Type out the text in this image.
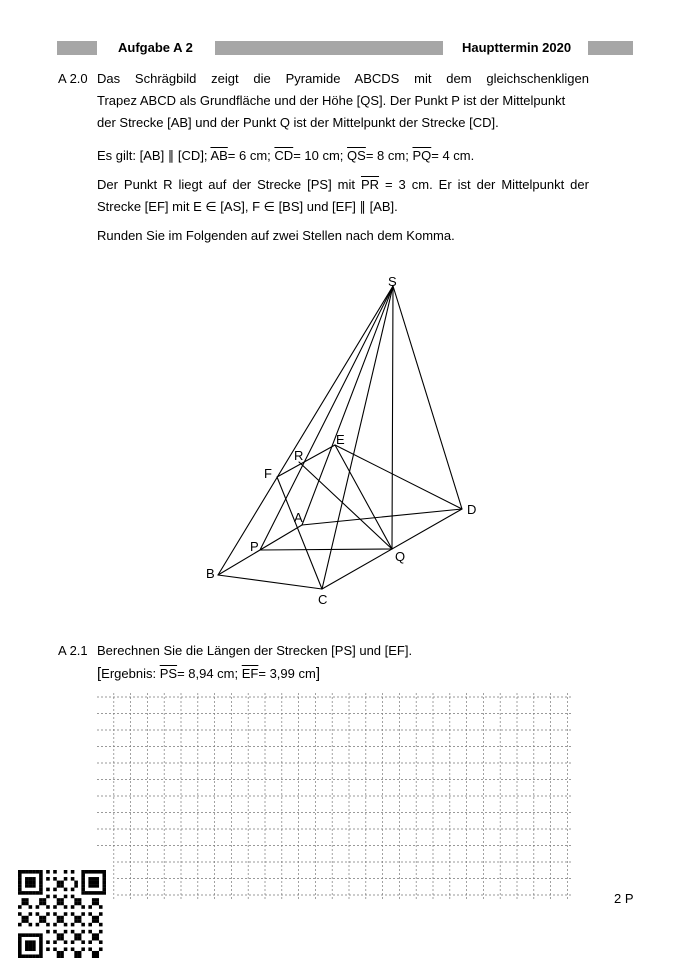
Aufgabe A 2	Haupttermin 2020
A 2.0 Das Schrägbild zeigt die Pyramide ABCDS mit dem gleichschenkligen
Trapez ABCD als Grundfläche und der Höhe [QS]. Der Punkt P ist der Mittelpunkt
der Strecke [AB] und der Punkt Q ist der Mittelpunkt der Strecke [CD].
Es gilt: [AB] ∥ [CD]; $\overline{AB}= 6$ cm; $\overline{CD}= 10$ cm; $\overline{QS}= 8$ cm; $\overline{PQ}= 4$ cm.
Der Punkt R liegt auf der Strecke [PS] mit $\overline{PR} = 3$ cm. Er ist der Mittelpunkt der
Strecke [EF] mit E ∈ [AS], F ∈ [BS] und [EF] ∥ [AB].
Runden Sie im Folgenden auf zwei Stellen nach dem Komma.
S
E
R
F
A
D
P
Q
B
C
A 2.1 Berechnen Sie die Längen der Strecken [PS] und [EF].
[Ergebnis: $\overline{PS}= 8,94$ cm; $\overline{EF}= 3,99$ cm]
2 P
